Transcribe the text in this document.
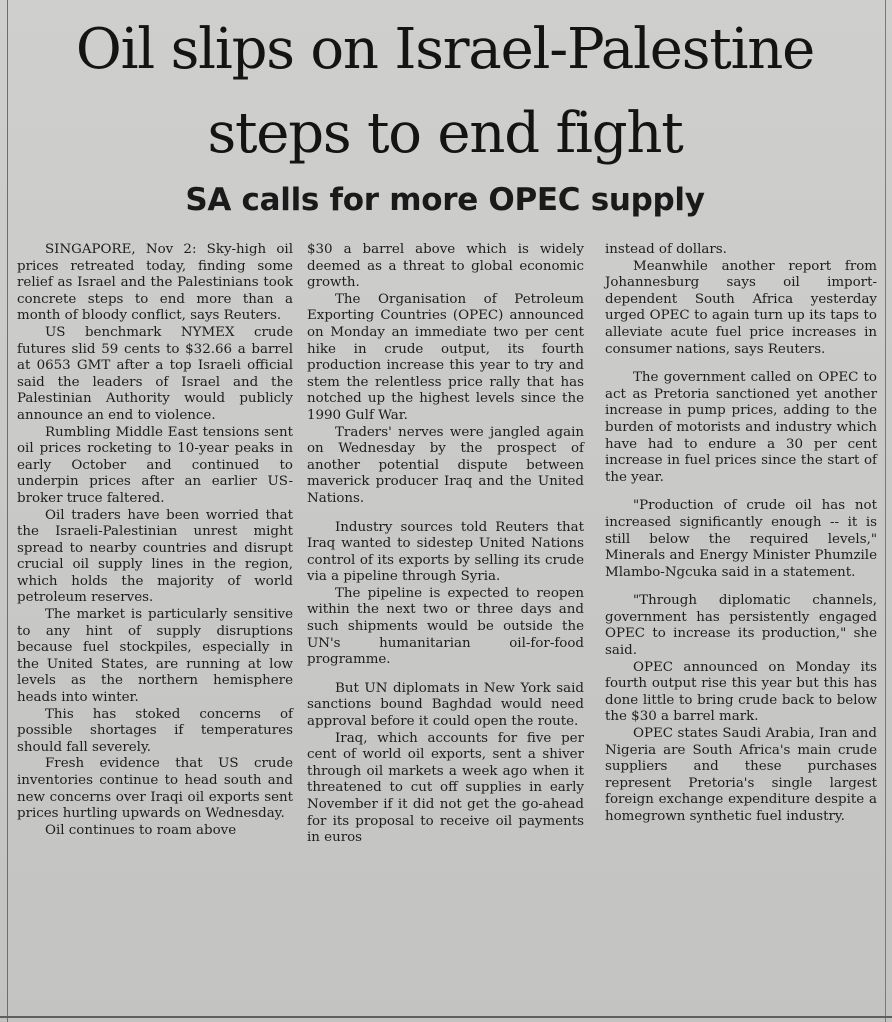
Oil slips on Israel-Palestine steps to end fight
SA calls for more OPEC supply

SINGAPORE, Nov 2: Sky-high oil prices retreated today, finding some relief as Israel and the Palestinians took concrete steps to end more than a month of bloody conflict, says Reuters.

US benchmark NYMEX crude futures slid 59 cents to $32.66 a barrel at 0653 GMT after a top Israeli official said the leaders of Israel and the Palestinian Authority would publicly announce an end to violence.

Rumbling Middle East tensions sent oil prices rocketing to 10-year peaks in early October and continued to underpin prices after an earlier US-broker truce faltered.

Oil traders have been worried that the Israeli-Palestinian unrest might spread to nearby countries and disrupt crucial oil supply lines in the region, which holds the majority of world petroleum reserves.

The market is particularly sensitive to any hint of supply disruptions because fuel stockpiles, especially in the United States, are running at low levels as the northern hemisphere heads into winter.

This has stoked concerns of possible shortages if temperatures should fall severely.

Fresh evidence that US crude inventories continue to head south and new concerns over Iraqi oil exports sent prices hurtling upwards on Wednesday.

Oil continues to roam above

$30 a barrel above which is widely deemed as a threat to global economic growth.

The Organisation of Petroleum Exporting Countries (OPEC) announced on Monday an immediate two per cent hike in crude output, its fourth production increase this year to try and stem the relentless price rally that has notched up the highest levels since the 1990 Gulf War.

Traders' nerves were jangled again on Wednesday by the prospect of another potential dispute between maverick producer Iraq and the United Nations.

Industry sources told Reuters that Iraq wanted to sidestep United Nations control of its exports by selling its crude via a pipeline through Syria.

The pipeline is expected to reopen within the next two or three days and such shipments would be outside the UN's humanitarian oil-for-food programme.

But UN diplomats in New York said sanctions bound Baghdad would need approval before it could open the route.

Iraq, which accounts for five per cent of world oil exports, sent a shiver through oil markets a week ago when it threatened to cut off supplies in early November if it did not get the go-ahead for its proposal to receive oil payments in euros

instead of dollars.

Meanwhile another report from Johannesburg says oil import-dependent South Africa yesterday urged OPEC to again turn up its taps to alleviate acute fuel price increases in consumer nations, says Reuters.

The government called on OPEC to act as Pretoria sanctioned yet another increase in pump prices, adding to the burden of motorists and industry which have had to endure a 30 per cent increase in fuel prices since the start of the year.

"Production of crude oil has not increased significantly enough -- it is still below the required levels," Minerals and Energy Minister Phumzile Mlambo-Ngcuka said in a statement.

"Through diplomatic channels, government has persistently engaged OPEC to increase its production," she said.

OPEC announced on Monday its fourth output rise this year but this has done little to bring crude back to below the $30 a barrel mark.

OPEC states Saudi Arabia, Iran and Nigeria are South Africa's main crude suppliers and these purchases represent Pretoria's single largest foreign exchange expenditure despite a homegrown synthetic fuel industry.
